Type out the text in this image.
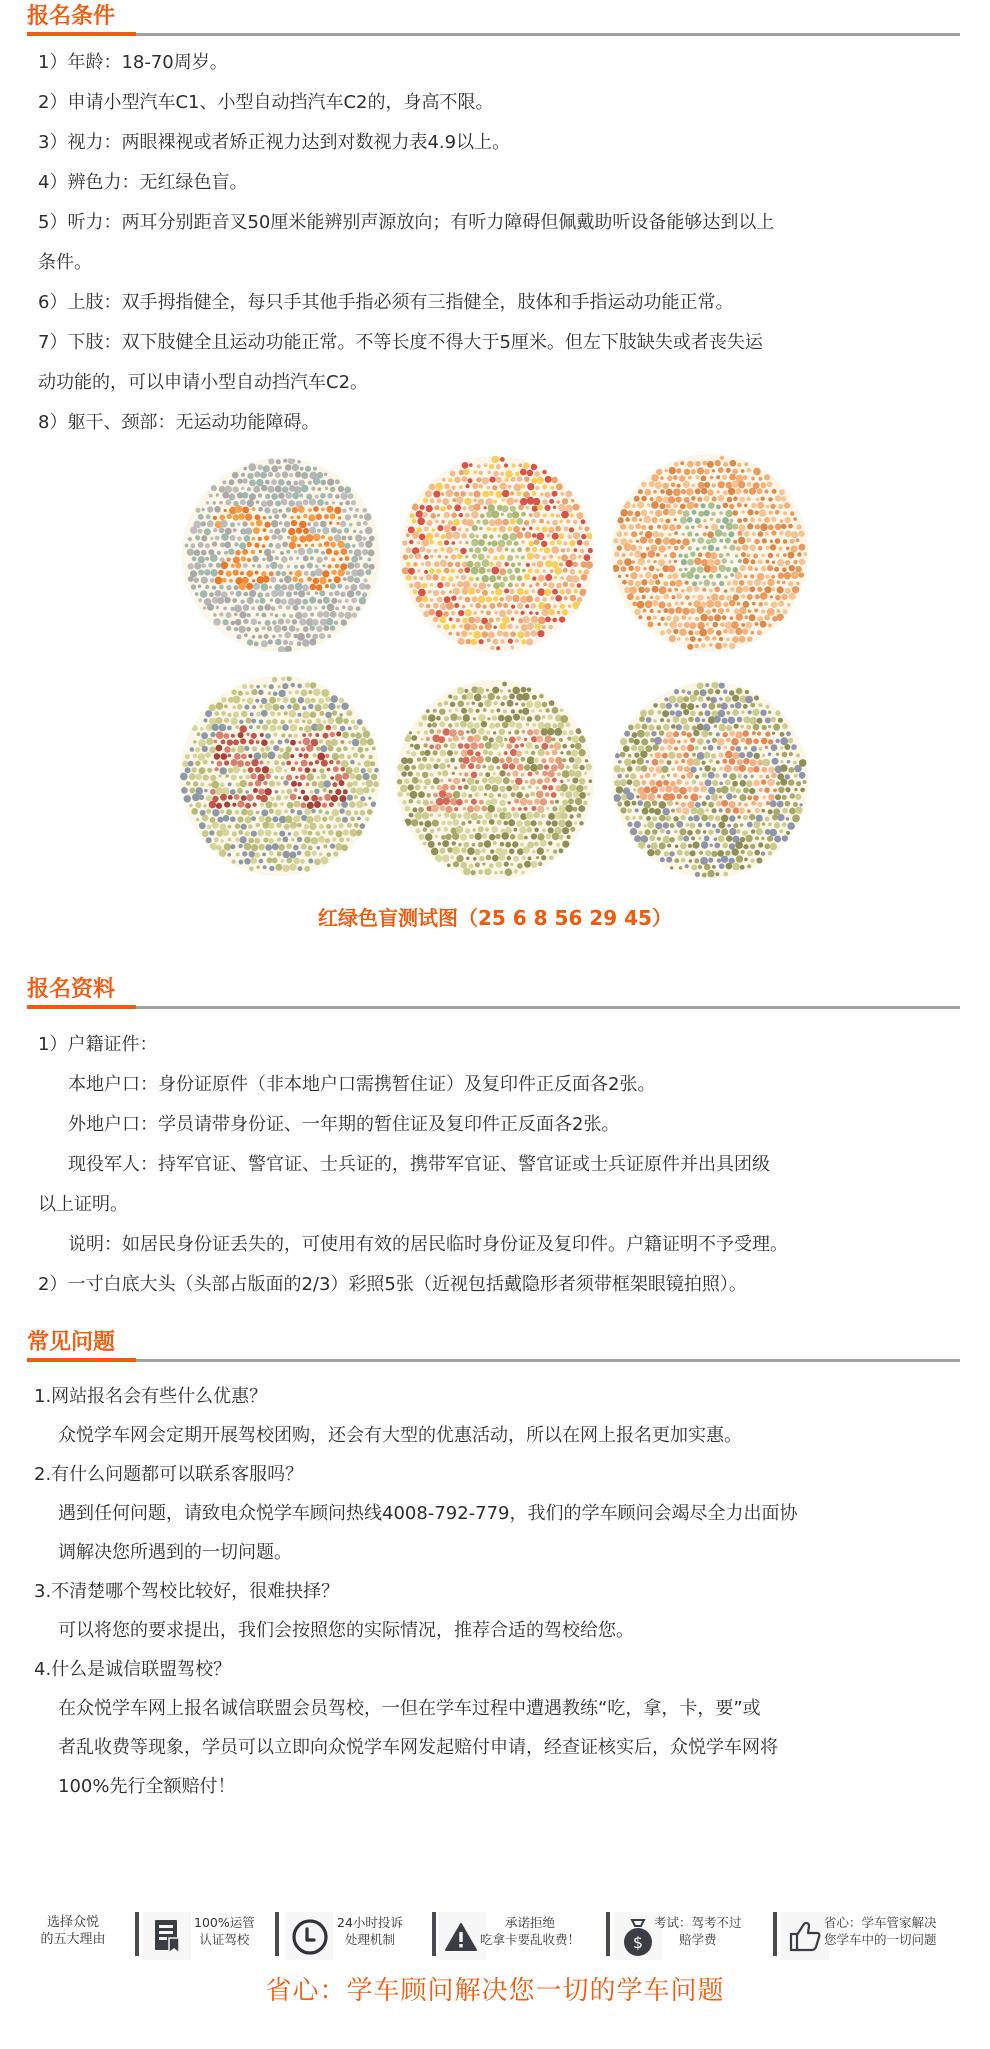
报名条件
1）年龄：18-70周岁。
2）申请小型汽车C1、小型自动挡汽车C2的，身高不限。
3）视力：两眼裸视或者矫正视力达到对数视力表4.9以上。
4）辨色力：无红绿色盲。
5）听力：两耳分别距音叉50厘米能辨别声源放向；有听力障碍但佩戴助听设备能够达到以上
条件。
6）上肢：双手拇指健全，每只手其他手指必须有三指健全，肢体和手指运动功能正常。
7）下肢：双下肢健全且运动功能正常。不等长度不得大于5厘米。但左下肢缺失或者丧失运
动功能的，可以申请小型自动挡汽车C2。
8）躯干、颈部：无运动功能障碍。
红绿色盲测试图（25 6 8 56 29 45）
报名资料
1）户籍证件：
本地户口：身份证原件（非本地户口需携暂住证）及复印件正反面各2张。
外地户口：学员请带身份证、一年期的暂住证及复印件正反面各2张。
现役军人：持军官证、警官证、士兵证的，携带军官证、警官证或士兵证原件并出具团级
以上证明。
说明：如居民身份证丢失的，可使用有效的居民临时身份证及复印件。户籍证明不予受理。
2）一寸白底大头（头部占版面的2/3）彩照5张（近视包括戴隐形者须带框架眼镜拍照）。
常见问题
1.网站报名会有些什么优惠？
众悦学车网会定期开展驾校团购，还会有大型的优惠活动，所以在网上报名更加实惠。
2.有什么问题都可以联系客服吗？
遇到任何问题，请致电众悦学车顾问热线4008-792-779，我们的学车顾问会竭尽全力出面协
调解决您所遇到的一切问题。
3.不清楚哪个驾校比较好，很难抉择？
可以将您的要求提出，我们会按照您的实际情况，推荐合适的驾校给您。
4.什么是诚信联盟驾校？
在众悦学车网上报名诚信联盟会员驾校，一但在学车过程中遭遇教练“吃，拿，卡，要”或
者乱收费等现象，学员可以立即向众悦学车网发起赔付申请，经查证核实后，众悦学车网将
100%先行全额赔付！
选择众悦
的五大理由
100%运管
认证驾校
24小时投诉
处理机制
承诺拒绝
吃拿卡要乱收费！	$
考试：驾考不过
赔学费
省心：学车管家解决
您学车中的一切问题
省心：学车顾问解决您一切的学车问题
